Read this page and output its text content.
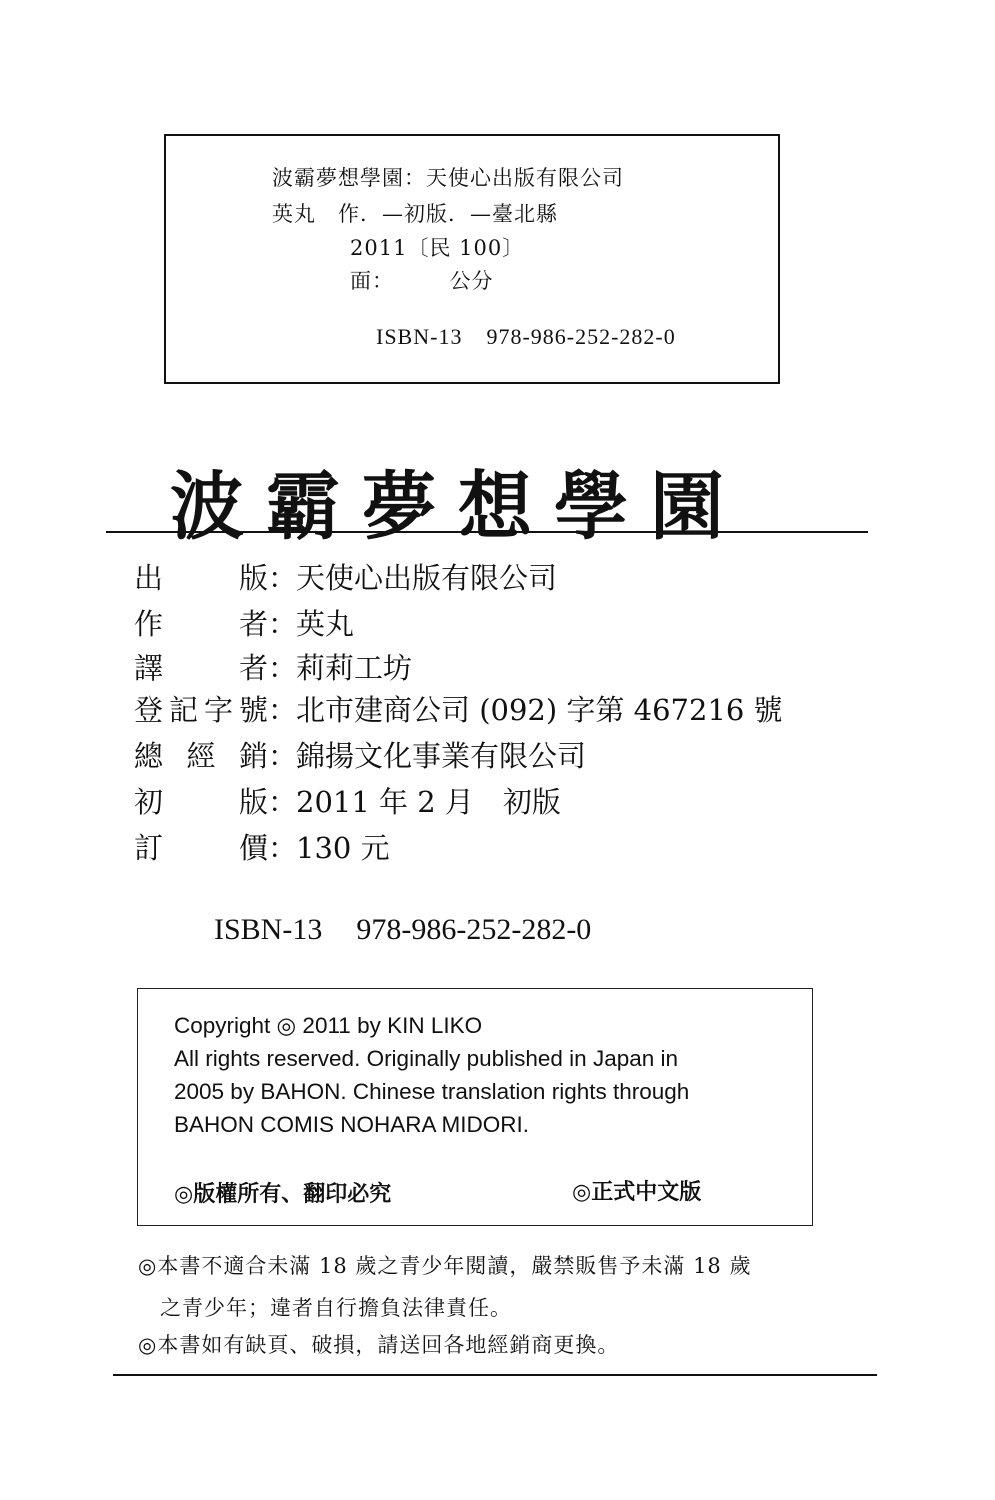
波霸夢想學園：天使心出版有限公司
英丸　作．—初版．—臺北縣
2011〔民 100〕
面：　　　公分

ISBN-13 978-986-252-282-0

波霸夢想學園
出版：天使心出版有限公司
作者：英丸
譯者：莉莉工坊
登記字號：北市建商公司 (092) 字第 467216 號
總經銷：錦揚文化事業有限公司
初版：2011 年 2 月　初版
訂價：130 元
ISBN-13 978-986-252-282-0
Copyright ◎ 2011 by KIN LIKO
All rights reserved. Originally published in Japan in
2005 by BAHON. Chinese translation rights through
BAHON COMIS NOHARA MIDORI.
◎版權所有、翻印必究	◎正式中文版
◎本書不適合未滿 18 歲之青少年閱讀，嚴禁販售予未滿 18 歲
之青少年；違者自行擔負法律責任。
◎本書如有缺頁、破損，請送回各地經銷商更換。
